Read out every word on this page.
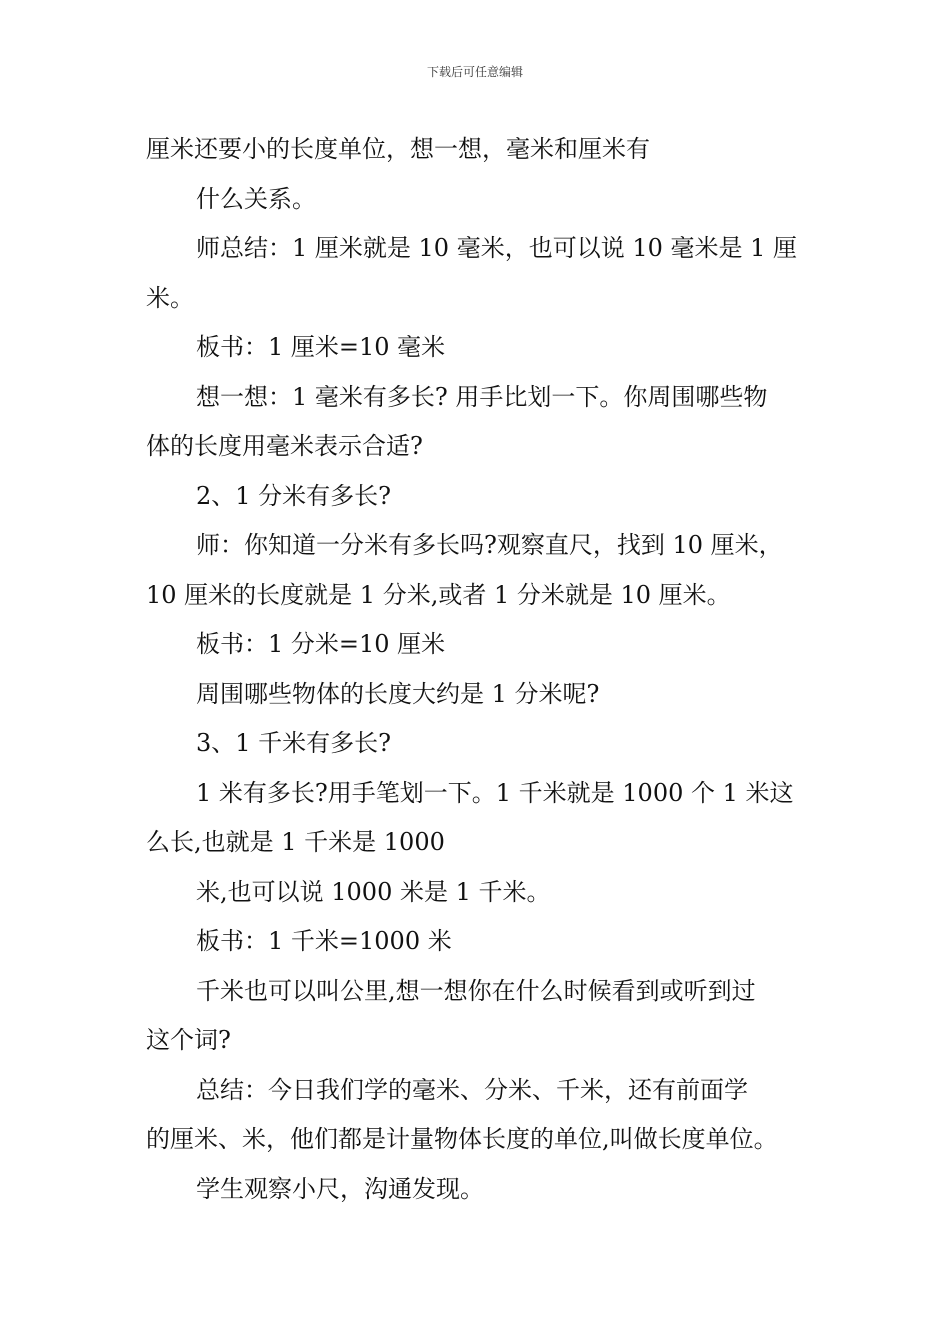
下载后可任意编辑

厘米还要小的长度单位，想一想，毫米和厘米有

什么关系。

师总结：1 厘米就是 10 毫米，也可以说 10 毫米是 1 厘

米。

板书：1 厘米=10 毫米

想一想：1 毫米有多长? 用手比划一下。你周围哪些物

体的长度用毫米表示合适?

2、1 分米有多长?

师：你知道一分米有多长吗?观察直尺，找到 10 厘米，

10 厘米的长度就是 1 分米,或者 1 分米就是 10 厘米。

板书：1 分米=10 厘米

周围哪些物体的长度大约是 1 分米呢?

3、1 千米有多长?

1 米有多长?用手笔划一下。1 千米就是 1000 个 1 米这

么长,也就是 1 千米是 1000

米,也可以说 1000 米是 1 千米。

板书：1 千米=1000 米

千米也可以叫公里,想一想你在什么时候看到或听到过

这个词?

总结：今日我们学的毫米、分米、千米，还有前面学

的厘米、米，他们都是计量物体长度的单位,叫做长度单位。

学生观察小尺，沟通发现。
